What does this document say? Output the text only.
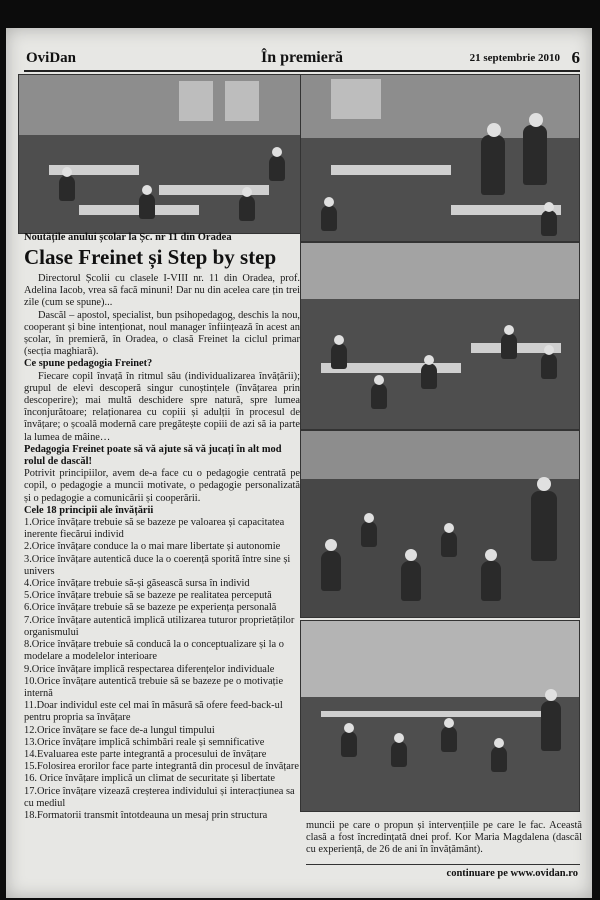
OviDan	În premieră	21 septembrie 2010 6

Noutățile anului școlar la Șc. nr 11 din Oradea

Clase Freinet și Step by step

Directorul Școlii cu clasele I-VIII nr. 11 din Oradea, prof. Adelina Iacob, vrea să facă minuni! Dar nu din acelea care țin trei zile (cum se spune)...

Dascăl – apostol, specialist, bun psihopedagog, deschis la nou, cooperant și bine intenționat, noul manager înființează în acest an școlar, în premieră, în Oradea, o clasă Freinet la ciclul primar (secția maghiară).

Ce spune pedagogia Freinet?

Fiecare copil învață în ritmul său (individualizarea învățării); grupul de elevi descoperă singur cunoștințele (învățarea prin descoperire); mai multă deschidere spre natură, spre lumea înconjurătoare; relaționarea cu copiii și adulții în procesul de învățare; o școală modernă care pregătește copiii de azi să ia parte la lumea de mâine…

Pedagogia Freinet poate să vă ajute să vă jucați în alt mod rolul de dascăl!

Potrivit principiilor, avem de-a face cu o pedagogie centrată pe copil, o pedagogie a muncii motivate, o pedagogie personalizată și o pedagogie a comunicării și cooperării.

Cele 18 principii ale învățării

1.Orice învățare trebuie să se bazeze pe valoarea și capacitatea inerente fiecărui individ
2.Orice învățare conduce la o mai mare libertate și autonomie
3.Orice învățare autentică duce la o coerență sporită între sine și univers
4.Orice învățare trebuie să-și găsească sursa în individ
5.Orice învățare trebuie să se bazeze pe realitatea percepută
6.Orice învățare trebuie să se bazeze pe experiența personală
7.Orice învățare autentică implică utilizarea tuturor proprietăților organismului
8.Orice învățare trebuie să conducă la o conceptualizare și la o modelare a modelelor interioare
9.Orice învățare implică respectarea diferențelor individuale
10.Orice învățare autentică trebuie să se bazeze pe o motivație internă
11.Doar individul este cel mai în măsură să ofere feed-back-ul pentru propria sa învățare
12.Orice învățare se face de-a lungul timpului
13.Orice învățare implică schimbări reale și semnificative
14.Evaluarea este parte integrantă a procesului de învățare
15.Folosirea erorilor face parte integrantă din procesul de învățare
16. Orice învățare implică un climat de securitate și libertate
17.Orice învățare vizează creșterea individului și interacțiunea sa cu mediul
18.Formatorii transmit întotdeauna un mesaj prin structura

muncii pe care o propun și intervențiile pe care le fac. Această clasă a fost încredințată dnei prof. Kor Maria Magdalena (dascăl cu experiență, de 26 de ani în învățământ).

continuare pe www.ovidan.ro
